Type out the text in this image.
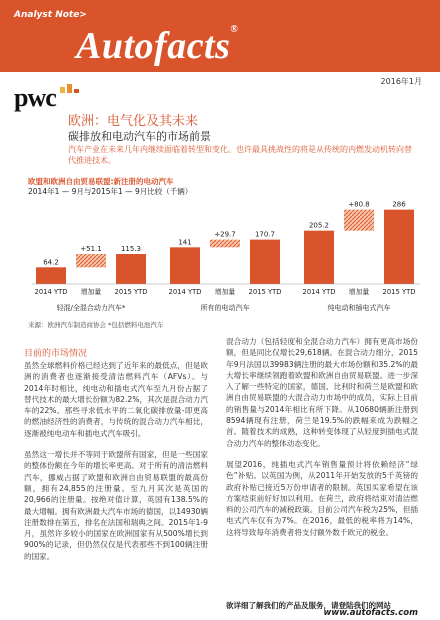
Analyst Note>
Autofacts®
pwc
2016年1月
欧洲：电气化及其未来
碳排放和电动汽车的市场前景
汽车产业在未来几年内继续面临着转型和变化。也许最具挑战性的将是从传统的内燃发动机转向替代推进技术。
欧盟和欧洲自由贸易联盟:新注册的电动汽车
2014年1 — 9月与2015年1 — 9月比较（千辆）
64.2
2014 YTD
+51.1
增加量
115.3
2015 YTD
轻混/全混合动力汽车*
141
2014 YTD
+29.7
增加量
170.7
2015 YTD
所有的电动汽车
205.2
2014 YTD
+80.8
增加量
286
2015 YTD
纯电动和插电式汽车
来源：欧洲汽车制造商协会 *包括燃料电池汽车
目前的市场情况

虽然全球燃料价格已经达到了近年来的最低点，但是欧洲的消费者也逐渐接受清洁燃料汽车（AFVs）。与2014年时相比，纯电动和插电式汽车至九月份占据了替代技术的最大增长份额为82.2%，其次是混合动力汽车的22%。那些寻求低水平的二氧化碳排放量-即更高的燃油经济性的消费者，与传统的混合动力汽车相比，逐渐被纯电动车和插电式汽车吸引。

虽然这一增长并不等同于欧盟所有国家，但是一些国家的整体份额在今年的增长率更高。对于所有的清洁燃料汽车，挪威占据了欧盟和欧洲自由贸易联盟的最高份额，拥有24,855的注册量。至九月其次是英国的20,966的注册量。按绝对值计算，英国有138.5%的最大增幅。拥有欧洲最大汽车市场的德国，以14930辆注册数排在第五，排名在法国和瑞典之间。2015年1-9月，虽然许多较小的国家在欧洲国家有从500%增长到900%的记录，但仍然仅仅是代表那些不到100辆注册的国家。

混合动力（包括轻度和全混合动力汽车）拥有更高市场份额，但是同比仅增长29,618辆。在混合动力细分，2015年9月法国以39983辆注册的最大市场份额和35.2%的最大增长率继续领跑着欧盟和欧洲自由贸易联盟。进一步深入了解一些特定的国家，德国、比利时和荷兰是欧盟和欧洲自由贸易联盟的大混合动力市场中的成员，实际上目前的销售量与2014年相比有所下降。从10680辆新注册到8594辆现有注册，荷兰是19.5%的跌幅来成为跌幅之首。随着技术的成熟，这种转变体现了从轻度到插电式混合动力汽车的整体动态变化。

展望2016，纯插电式汽车销售量预计将依赖经济“绿色”补贴。以英国为例，从2011年开始发放的5千英镑的政府补贴已接近5万份申请者的限制。英国买家希望在该方案结束前好好加以利用。在荷兰，政府将结束对清洁燃料的公司汽车的减税政策。目前公司汽车税为25%，但插电式汽车仅有为7%。在2016，最低的税率将为14%，这将导致每年消费者将支付额外数千欧元的税金。

欲详细了解我们的产品及服务，请登陆我们的网站
www.autofacts.com
